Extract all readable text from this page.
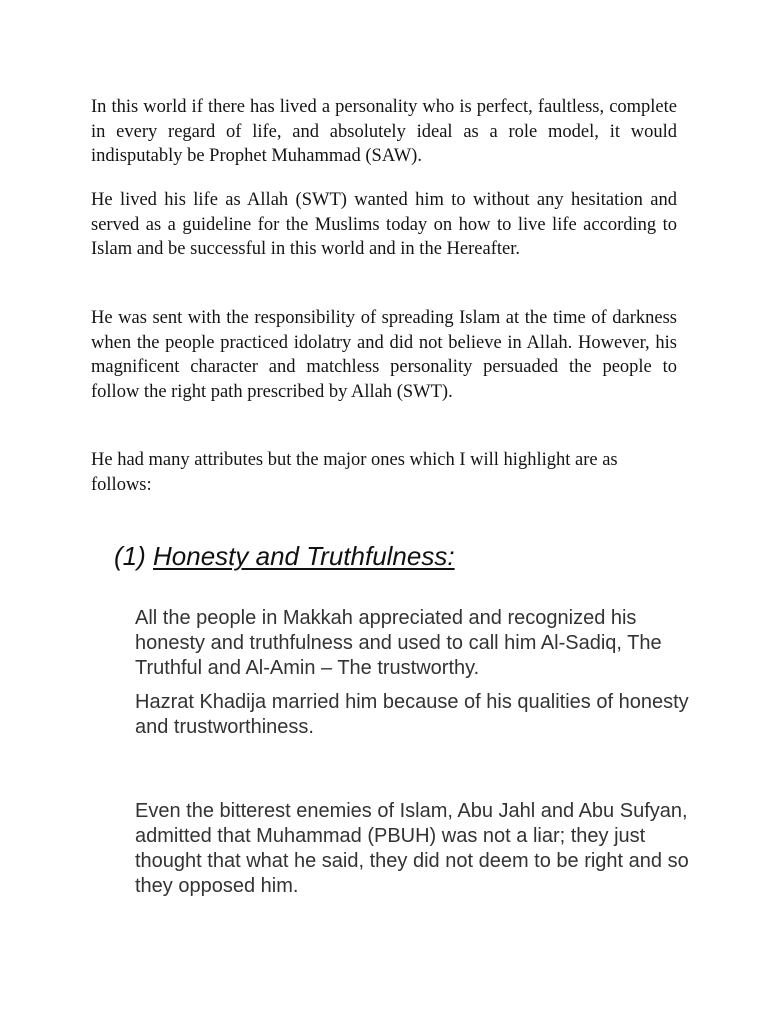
In this world if there has lived a personality who is perfect, faultless, complete in every regard of life, and absolutely ideal as a role model, it would indisputably be Prophet Muhammad (SAW).

He lived his life as Allah (SWT) wanted him to without any hesitation and served as a guideline for the Muslims today on how to live life according to Islam and be successful in this world and in the Hereafter.

He was sent with the responsibility of spreading Islam at the time of darkness when the people practiced idolatry and did not believe in Allah. However, his magnificent character and matchless personality persuaded the people to follow the right path prescribed by Allah (SWT).

He had many attributes but the major ones which I will highlight are as follows:

(1) Honesty and Truthfulness:

All the people in Makkah appreciated and recognized his honesty and truthfulness and used to call him Al-Sadiq, The Truthful and Al-Amin – The trustworthy.

Hazrat Khadija married him because of his qualities of honesty and trustworthiness.

Even the bitterest enemies of Islam, Abu Jahl and Abu Sufyan, admitted that Muhammad (PBUH) was not a liar; they just thought that what he said, they did not deem to be right and so they opposed him.
